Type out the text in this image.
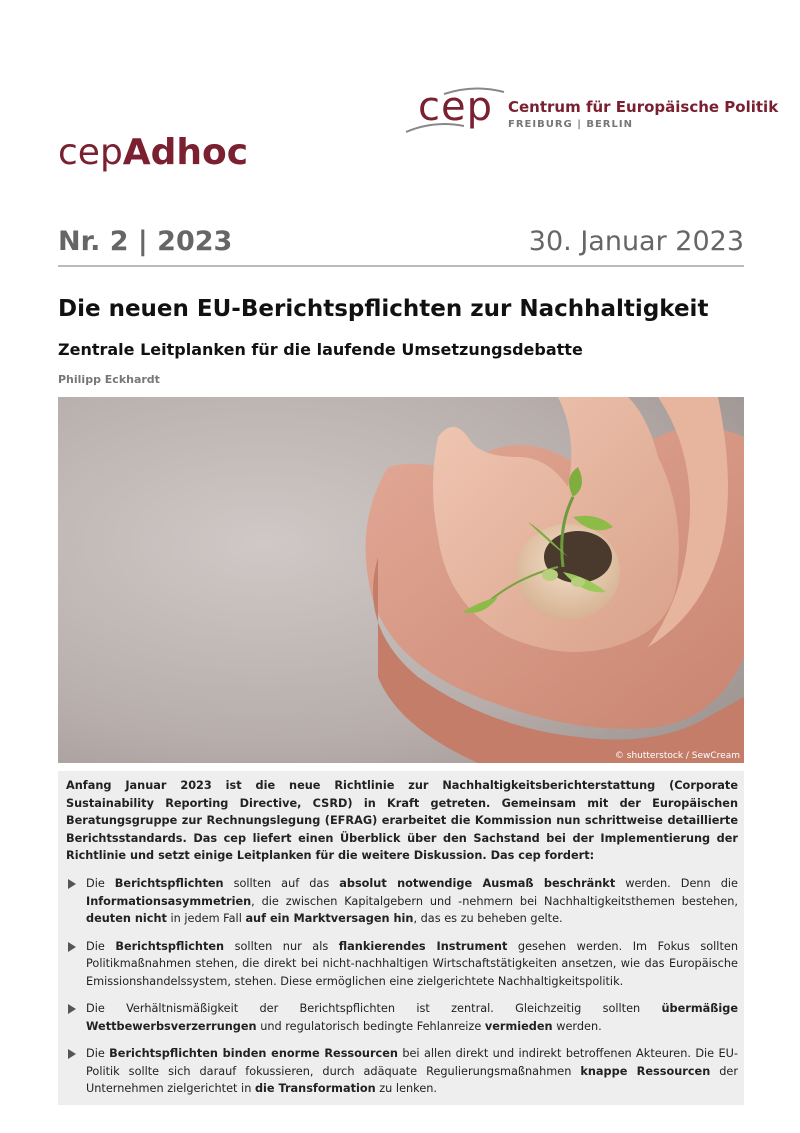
cep Centrum für Europäische Politik
FREIBURG | BERLIN
cepAdhoc
Nr. 2 | 2023	30. Januar 2023
Die neuen EU-Berichtspflichten zur Nachhaltigkeit
Zentrale Leitplanken für die laufende Umsetzungsdebatte
Philipp Eckhardt
© shutterstock / SewCream
Anfang Januar 2023 ist die neue Richtlinie zur Nachhaltigkeitsberichterstattung (Corporate Sustainability Reporting Directive, CSRD) in Kraft getreten. Gemeinsam mit der Europäischen Beratungsgruppe zur Rechnungslegung (EFRAG) erarbeitet die Kommission nun schrittweise detaillierte Berichtsstandards. Das cep liefert einen Überblick über den Sachstand bei der Implementierung der Richtlinie und setzt einige Leitplanken für die weitere Diskussion. Das cep fordert:
Die Berichtspflichten sollten auf das absolut notwendige Ausmaß beschränkt werden. Denn die Informationsasymmetrien, die zwischen Kapitalgebern und -nehmern bei Nachhaltigkeitsthemen bestehen, deuten nicht in jedem Fall auf ein Marktversagen hin, das es zu beheben gelte.
Die Berichtspflichten sollten nur als flankierendes Instrument gesehen werden. Im Fokus sollten Politikmaßnahmen stehen, die direkt bei nicht-nachhaltigen Wirtschaftstätigkeiten ansetzen, wie das Europäische Emissionshandelssystem, stehen. Diese ermöglichen eine zielgerichtete Nachhaltigkeitspolitik.
Die Verhältnismäßigkeit der Berichtspflichten ist zentral. Gleichzeitig sollten übermäßige Wettbewerbsverzerrungen und regulatorisch bedingte Fehlanreize vermieden werden.
Die Berichtspflichten binden enorme Ressourcen bei allen direkt und indirekt betroffenen Akteuren. Die EU-Politik sollte sich darauf fokussieren, durch adäquate Regulierungsmaßnahmen knappe Ressourcen der Unternehmen zielgerichtet in die Transformation zu lenken.
